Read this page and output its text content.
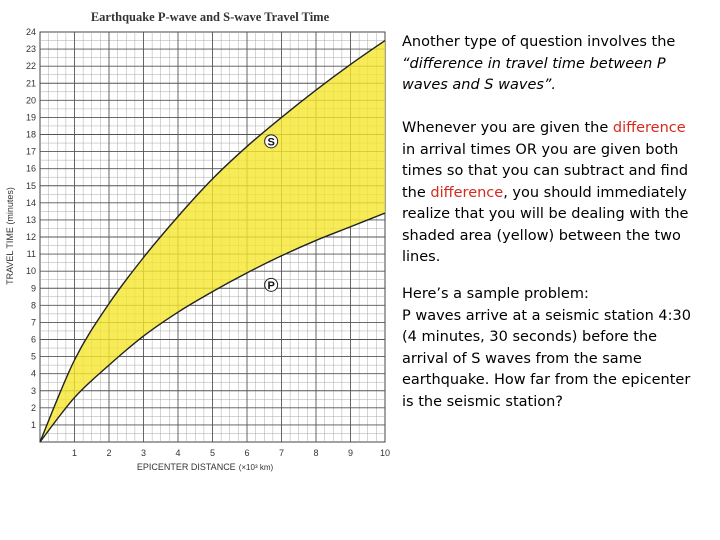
1	2	3	4	5	6	7	8	9	10
1
2
3
4
5
6
7
8
9
10
11
12
13
14
15
16
17
18
19
20
21
22
23
24
S
P
Earthquake P-wave and S-wave Travel Time
EPICENTER DISTANCE (×10³ km)
TRAVEL TIME (minutes)

Another type of question involves the “difference in travel time between P waves and S waves”.

Whenever you are given the difference in arrival times OR you are given both times so that you can subtract and find the difference, you should immediately realize that you will be dealing with the shaded area (yellow) between the two lines.

Here’s a sample problem:

P waves arrive at a seismic station 4:30 (4 minutes, 30 seconds) before the arrival of S waves from the same earthquake. How far from the epicenter is the seismic station?
